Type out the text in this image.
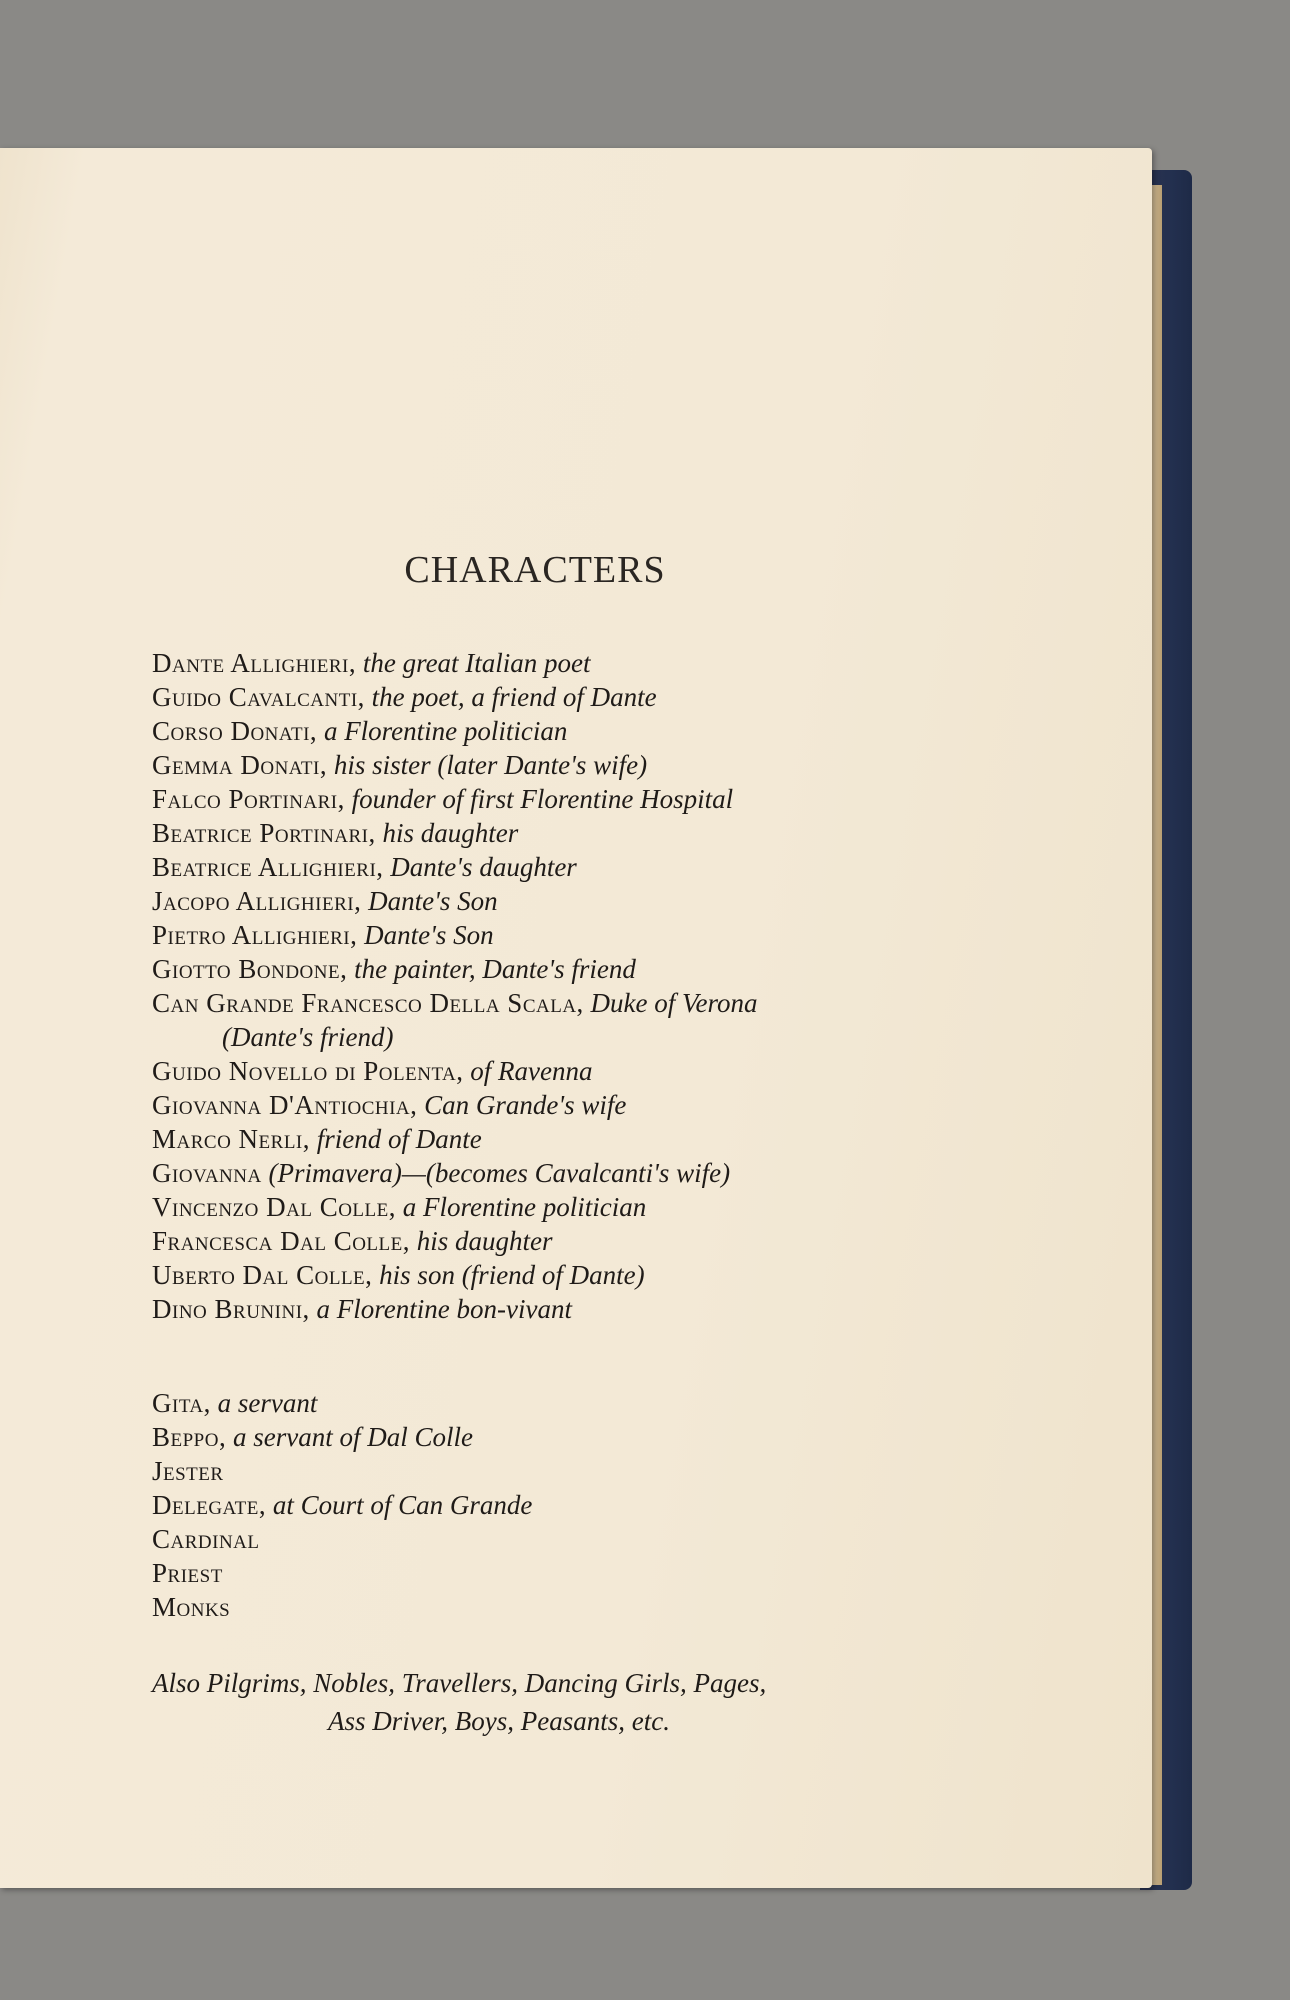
CHARACTERS
Dante Allighieri, the great Italian poet
Guido Cavalcanti, the poet, a friend of Dante
Corso Donati, a Florentine politician
Gemma Donati, his sister (later Dante's wife)
Falco Portinari, founder of first Florentine Hospital
Beatrice Portinari, his daughter
Beatrice Allighieri, Dante's daughter
Jacopo Allighieri, Dante's Son
Pietro Allighieri, Dante's Son
Giotto Bondone, the painter, Dante's friend
Can Grande Francesco Della Scala, Duke of Verona
(Dante's friend)
Guido Novello di Polenta, of Ravenna
Giovanna D'Antiochia, Can Grande's wife
Marco Nerli, friend of Dante
Giovanna (Primavera)—(becomes Cavalcanti's wife)
Vincenzo Dal Colle, a Florentine politician
Francesca Dal Colle, his daughter
Uberto Dal Colle, his son (friend of Dante)
Dino Brunini, a Florentine bon-vivant
Gita, a servant
Beppo, a servant of Dal Colle
Jester
Delegate, at Court of Can Grande
Cardinal
Priest
Monks
Also Pilgrims, Nobles, Travellers, Dancing Girls, Pages,
Ass Driver, Boys, Peasants, etc.
